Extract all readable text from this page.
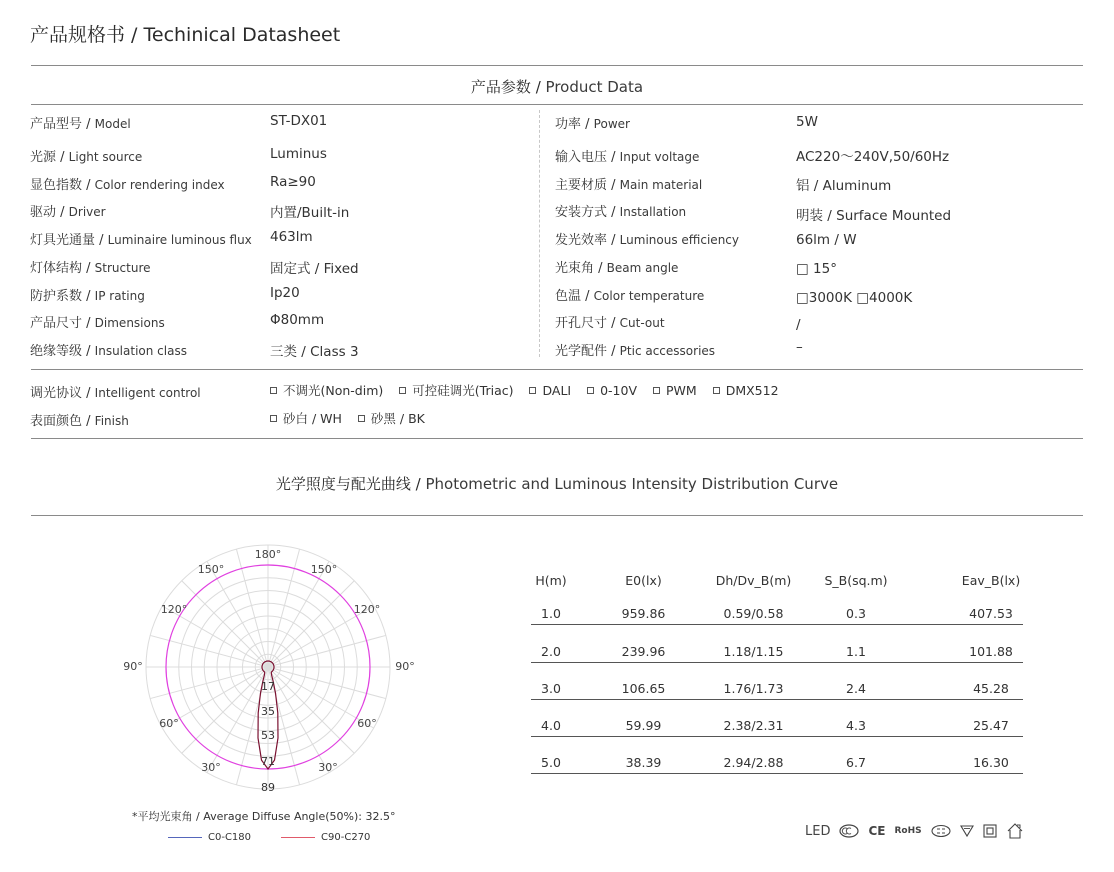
产品规格书 / Techinical Datasheet
产品参数 / Product Data
产品型号 / Model	ST-DX01
光源 / Light source	Luminus
显色指数 / Color rendering index	Ra≥90
驱动 / Driver	内置/Built-in
灯具光通量 / Luminaire luminous flux 463lm
灯体结构 / Structure	固定式 / Fixed
防护系数 / IP rating	Ip20
产品尺寸 / Dimensions	Φ80mm
绝缘等级 / Insulation class	三类 / Class 3
功率 / Power	5W
输入电压 / Input voltage	AC220～240V,50/60Hz
主要材质 / Main material	铝 / Aluminum
安装方式 / Installation	明装 / Surface Mounted
发光效率 / Luminous efficiency	66lm / W
光束角 / Beam angle	□ 15°
色温 / Color temperature	□3000K □4000K
开孔尺寸 / Cut-out	/
光学配件 / Ptic accessories	–
调光协议 / Intelligent control	不调光(Non-dim) 可控硅调光(Triac) DALI 0-10V PWM DMX512
表面颜色 / Finish	砂白 / WH 砂黑 / BK
光学照度与配光曲线 / Photometric and Luminous Intensity Distribution Curve
180°
150°	150°
120°	120°
90°	90°
60°	60°
30°	30°
17
35
53
71
89
*平均光束角 / Average Diffuse Angle(50%): 32.5°
C0-C180	C90-C270
H(m)	E0(lx)	Dh/Dv_B(m)	S_B(sq.m)	Eav_B(lx)
1.0	959.86	0.59/0.58	0.3	407.53
2.0	239.96	1.18/1.15	1.1	101.88
3.0	106.65	1.76/1.73	2.4	45.28
4.0	59.99	2.38/2.31	4.3	25.47
5.0	38.39	2.94/2.88	6.7	16.30
LED	CE RoHS
